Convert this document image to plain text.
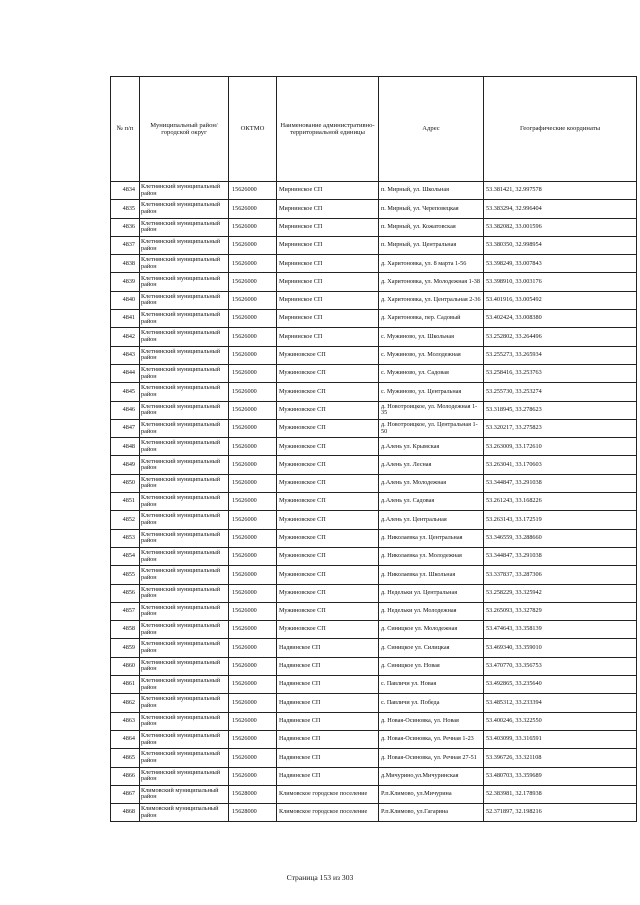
№ п/п	Муниципальный район/городской округ	ОКТМО	Наименование административно-территориальной единицы	Адрес	Географические координаты
4834	Клетнянский муниципальный район	15626000	Мирнинское СП	п. Мирный, ул. Школьная	53.381421, 32.997578
4835	Клетнянский муниципальный район	15626000	Мирнинское СП	п. Мирный, ул. Череповецкая	53.383294, 32.996404
4836	Клетнянский муниципальный район	15626000	Мирнинское СП	п. Мирный, ул. Кожатовская	53.382082, 33.001596
4837	Клетнянский муниципальный район	15626000	Мирнинское СП	п. Мирный, ул. Центральная	53.380350, 32.998954
4838	Клетнянский муниципальный район	15626000	Мирнинское СП	д. Харитоновка, ул. 8 марта 1-56	53.398249, 33.007843
4839	Клетнянский муниципальный район	15626000	Мирнинское СП	д. Харитоновка, ул. Молодежная 1-38	53.398910, 33.003176
4840	Клетнянский муниципальный район	15626000	Мирнинское СП	д. Харитоновка, ул. Центральная 2-36	53.401916, 33.005492
4841	Клетнянский муниципальный район	15626000	Мирнинское СП	д. Харитоновка, пер. Садовый	53.402424, 33.008380
4842	Клетнянский муниципальный район	15626000	Мирнинское СП	с. Мужиново, ул. Школьная	53.252802, 33.264496
4843	Клетнянский муниципальный район	15626000	Мужиновское СП	с. Мужиново, ул. Молодежная	53.255273, 33.265934
4844	Клетнянский муниципальный район	15626000	Мужиновское СП	с. Мужиново, ул. Садовая	53.258416, 33.253763
4845	Клетнянский муниципальный район	15626000	Мужиновское СП	с. Мужиново, ул. Центральная	53.255730, 33.253274
4846	Клетнянский муниципальный район	15626000	Мужиновское СП	д. Новотроицкое, ул. Молодежная 1-35	53.318945, 33.278623
4847	Клетнянский муниципальный район	15626000	Мужиновское СП	д. Новотроицкое, ул. Центральная 1-50	53.320217, 33.275823
4848	Клетнянский муниципальный район	15626000	Мужиновское СП	д.Алень ул. Крымская	53.263009, 33.172610
4849	Клетнянский муниципальный район	15626000	Мужиновское СП	д.Алень ул. Лесная	53.263041, 33.170603
4850	Клетнянский муниципальный район	15626000	Мужиновское СП	д.Алень ул. Молодежная	53.344847, 33.291038
4851	Клетнянский муниципальный район	15626000	Мужиновское СП	д.Алень ул. Садовая	53.261243, 33.168226
4852	Клетнянский муниципальный район	15626000	Мужиновское СП	д.Алень ул. Центральная	53.263143, 33.172519
4853	Клетнянский муниципальный район	15626000	Мужиновское СП	д. Николаевка ул. Центральная	53.346559, 33.288660
4854	Клетнянский муниципальный район	15626000	Мужиновское СП	д. Николаевка ул. Молодежная	53.344847, 33.291038
4855	Клетнянский муниципальный район	15626000	Мужиновское СП	д. Николаевка ул. Школьная	53.337837, 33.287306
4856	Клетнянский муниципальный район	15626000	Мужиновское СП	д. Недельки ул. Центральная	53.258229, 33.325942
4857	Клетнянский муниципальный район	15626000	Мужиновское СП	д. Недельки ул. Молодежная	53.265093, 33.327829
4858	Клетнянский муниципальный район	15626000	Мужиновское СП	д. Синицкое ул. Молодежная	53.474643, 33.358139
4859	Клетнянский муниципальный район	15626000	Надвинское СП	д. Синицкое ул. Силицкая	53.469340, 33.359010
4860	Клетнянский муниципальный район	15626000	Надвинское СП	д. Синицкое ул. Новая	53.470770, 33.356753
4861	Клетнянский муниципальный район	15626000	Надвинское СП	с. Павличи ул. Новая	53.492865, 33.235640
4862	Клетнянский муниципальный район	15626000	Надвинское СП	с. Павличи ул. Победа	53.485312, 33.233394
4863	Клетнянский муниципальный район	15626000	Надвинское СП	д. Новая-Осиновка, ул. Новая	53.400246, 33.322550
4864	Клетнянский муниципальный район	15626000	Надвинское СП	д. Новая-Осиновка, ул. Речная 1-23	53.403099, 33.316591
4865	Клетнянский муниципальный район	15626000	Надвинское СП	д. Новая-Осиновка, ул. Речная 27-51	53.396726, 33.321108
4866	Клетнянский муниципальный район	15626000	Надвинское СП	д.Мичурино,ул.Мичуринская	53.480703, 33.359689
4867	Климовский муниципальный район	15628000	Климовское городское поселение	Р.п.Климово, ул.Мичурина	52.383981, 32.178938
4868	Климовский муниципальный район	15628000	Климовское городское поселение	Р.п.Климово, ул.Гагарина	52.371897, 32.198216
Страница 153 из 303
